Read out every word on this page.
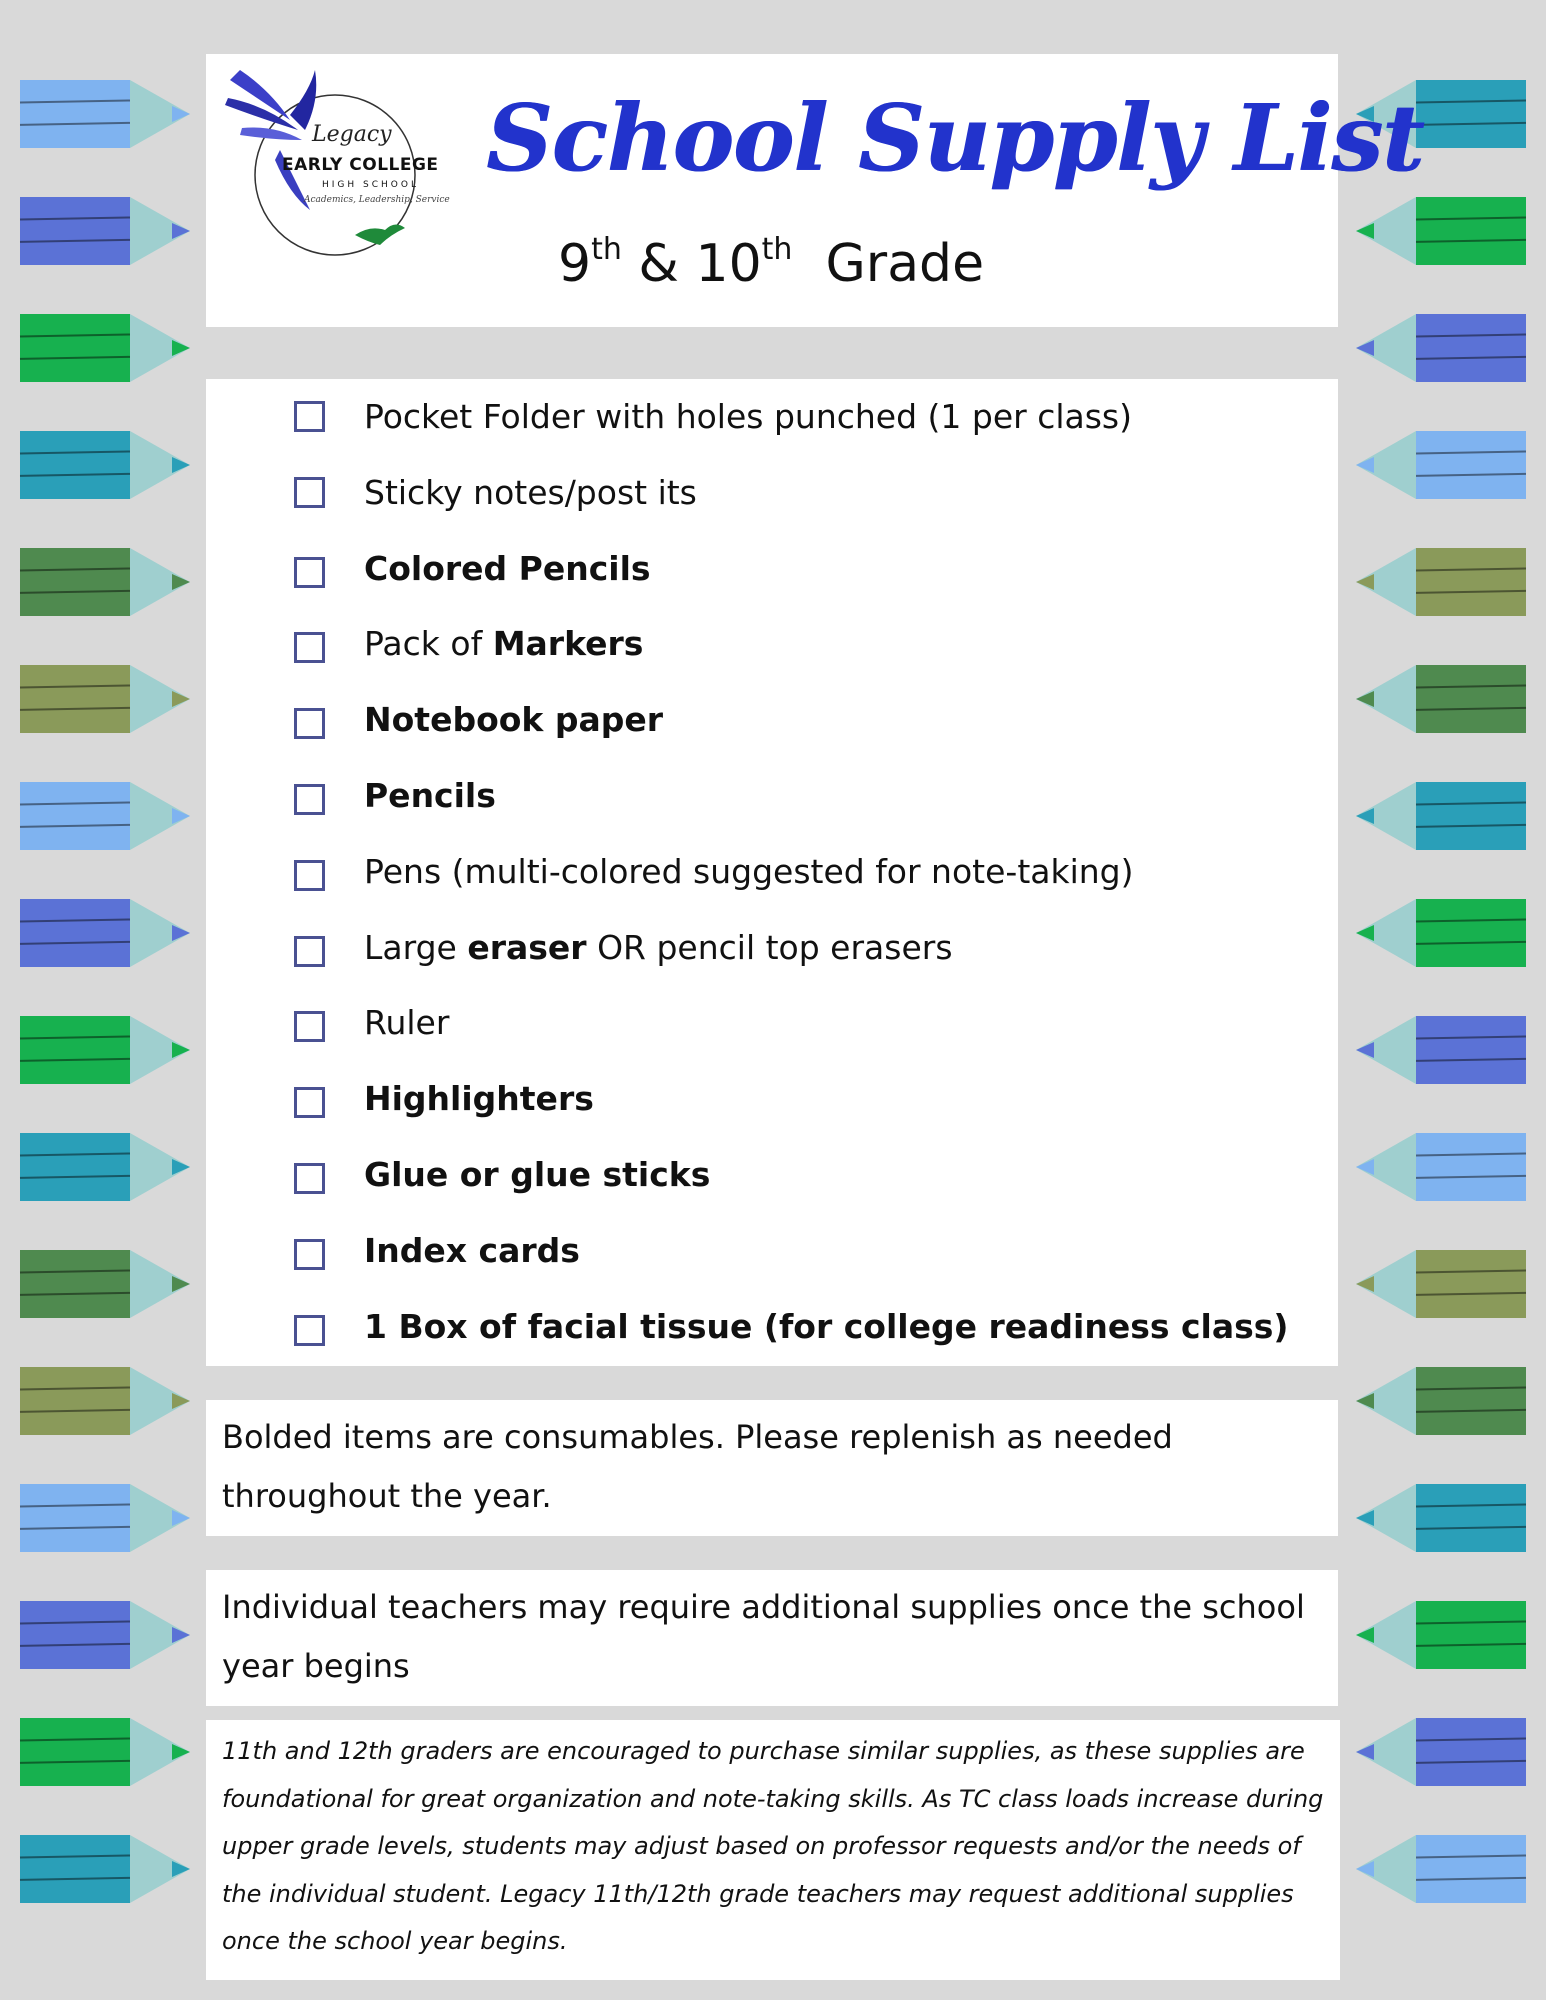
Legacy
EARLY COLLEGE
HIGH SCHOOL
Academics, Leadership, Service
School Supply List
9th & 10th Grade
Pocket Folder with holes punched (1 per class)
Sticky notes/post its
Colored Pencils
Pack of Markers
Notebook paper
Pencils
Pens (multi-colored suggested for note-taking)
Large eraser OR pencil top erasers
Ruler
Highlighters
Glue or glue sticks
Index cards
1 Box of facial tissue (for college readiness class)
Bolded items are consumables. Please replenish as needed throughout the year.
Individual teachers may require additional supplies once the school year begins
11th and 12th graders are encouraged to purchase similar supplies, as these supplies are foundational for great organization and note-taking skills. As TC class loads increase during upper grade levels, students may adjust based on professor requests and/or the needs of the individual student. Legacy 11th/12th grade teachers may request additional supplies once the school year begins.
